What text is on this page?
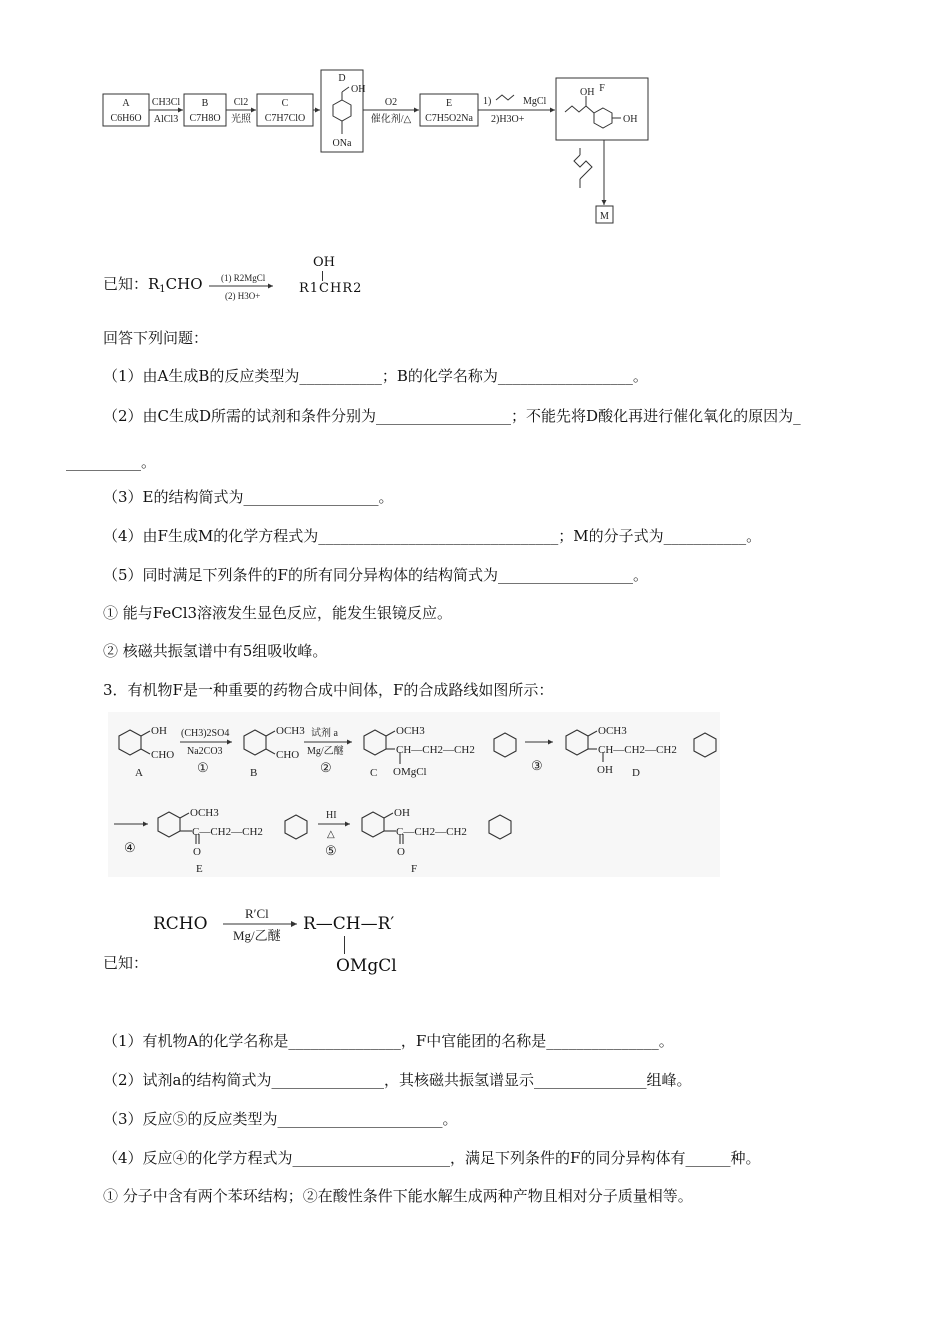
A
C6H6O
CH3Cl
AlCl3
B
C7H8O
Cl2
光照
C
C7H7ClO
D
OH
ONa
O2
催化剂/△
E
C7H5O2Na
1)	MgCl
2)H3O+
F
OH
OH
M
已知：$R_1CHO$ (1) R2MgCl
(2) H3O+
OH
R1CHR2
回答下列问题：
（1）由A生成B的反应类型为___________；B的化学名称为__________________。
（2）由C生成D所需的试剂和条件分别为__________________；不能先将D酸化再进行催化氧化的原因为_
__________。
（3）E的结构简式为__________________。
（4）由F生成M的化学方程式为________________________________；M的分子式为___________。
（5）同时满足下列条件的F的所有同分异构体的结构简式为__________________。
① 能与FeCl3溶液发生显色反应，能发生银镜反应。
② 核磁共振氢谱中有5组吸收峰。
3．有机物F是一种重要的药物合成中间体，F的合成路线如图所示：
OH
CHO
A
(CH3)2SO4
Na2CO3
①
OCH3
CHO
B
试剂 a
Mg/乙醚
②
OCH3
CH—CH2—CH2
OMgCl
C	③
OCH3
CH—CH2—CH2
OH D
④
OCH3
C—CH2—CH2
O
E
HI
△
⑤
OH
C—CH2—CH2
O
F
已知：
RCHO
R′Cl
Mg/乙醚
R—CH—R′
OMgCl
（1）有机物A的化学名称是_______________，F中官能团的名称是_______________。
（2）试剂a的结构简式为_______________，其核磁共振氢谱显示_______________组峰。
（3）反应⑤的反应类型为______________________。
（4）反应④的化学方程式为_____________________，满足下列条件的F的同分异构体有______种。
① 分子中含有两个苯环结构；②在酸性条件下能水解生成两种产物且相对分子质量相等。
